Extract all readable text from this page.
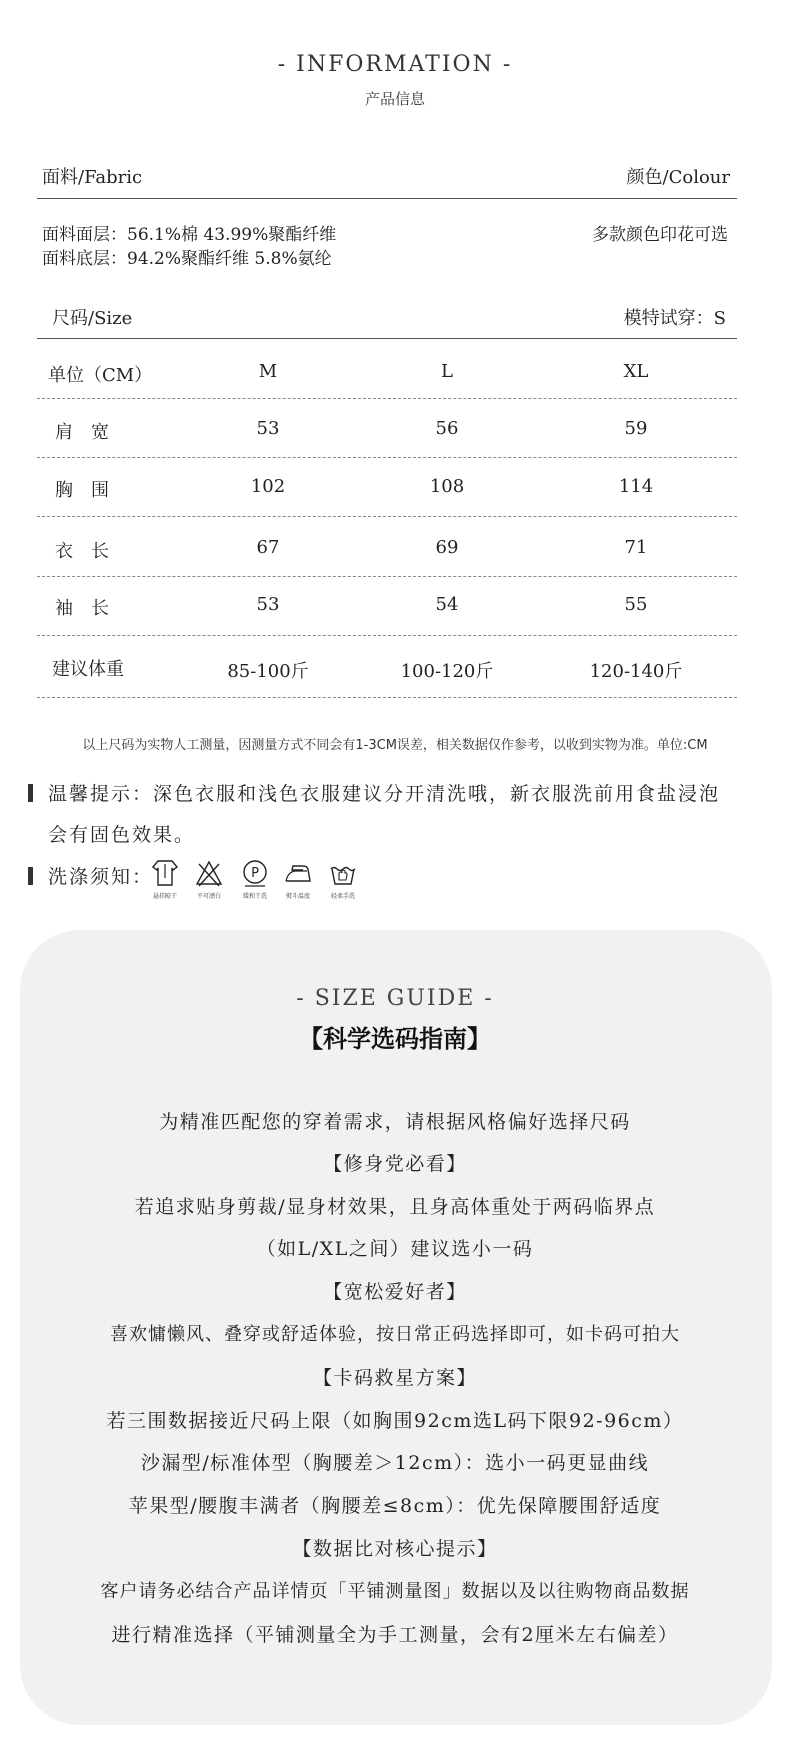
- INFORMATION -
产品信息
面料/Fabric	颜色/Colour
面料面层：56.1%棉 43.99%聚酯纤维
面料底层：94.2%聚酯纤维 5.8%氨纶
多款颜色印花可选
尺码/Size	模特试穿：S
单位（CM）	M	L	XL
肩　宽	53	56	59
胸　围	102	108	114
衣　长	67	69	71
袖　长	53	54	55
建议体重	85-100斤	100-120斤	120-140斤
以上尺码为实物人工测量，因测量方式不同会有1-3CM误差，相关数据仅作参考，以收到实物为准。单位:CM
温馨提示：深色衣服和浅色衣服建议分开清洗哦，新衣服洗前用食盐浸泡
会有固色效果。
洗涤须知：
悬挂晾干	不可漂白
P
缓和干洗	熨斗温度	轻柔手洗
- SIZE GUIDE -
【科学选码指南】
为精准匹配您的穿着需求，请根据风格偏好选择尺码
【修身党必看】
若追求贴身剪裁/显身材效果，且身高体重处于两码临界点
（如L/XL之间）建议选小一码
【宽松爱好者】
喜欢慵懒风、叠穿或舒适体验，按日常正码选择即可，如卡码可拍大
【卡码救星方案】
若三围数据接近尺码上限（如胸围92cm选L码下限92-96cm）
沙漏型/标准体型（胸腰差＞12cm）：选小一码更显曲线
苹果型/腰腹丰满者（胸腰差≤8cm）：优先保障腰围舒适度
【数据比对核心提示】
客户请务必结合产品详情页「平铺测量图」数据以及以往购物商品数据
进行精准选择（平铺测量全为手工测量，会有2厘米左右偏差）
